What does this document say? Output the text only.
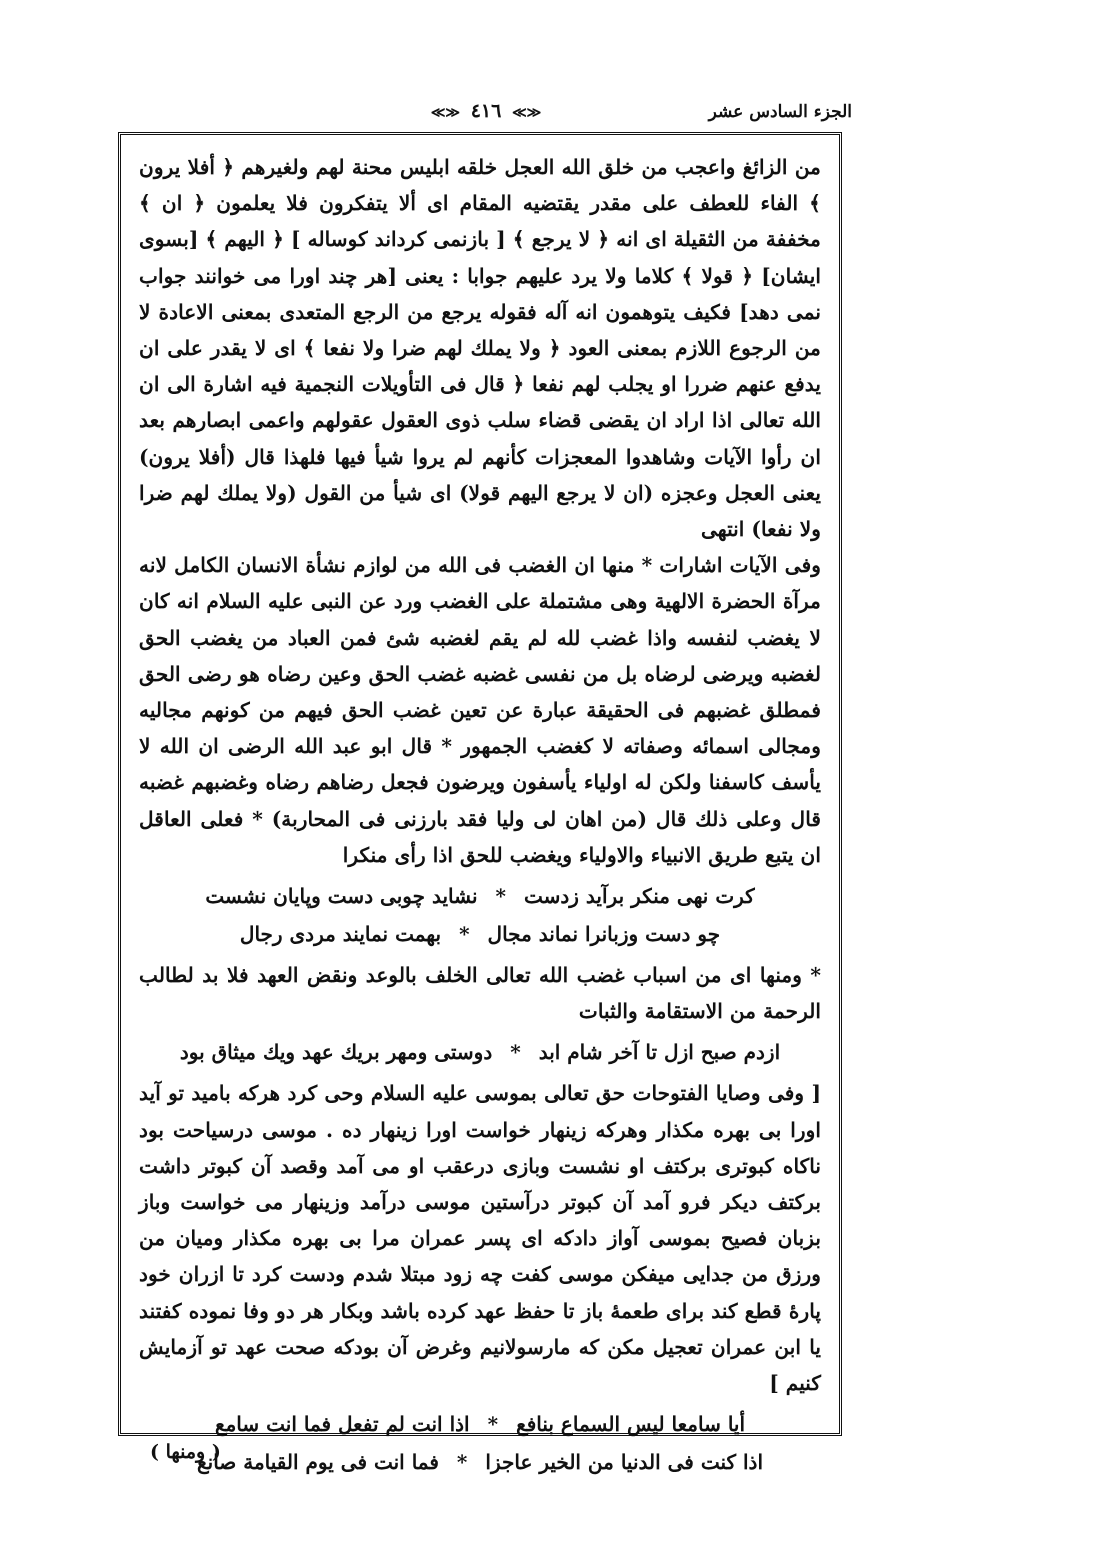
الجزء السادس عشر
≪≫ ٤١٦ ≪≫

من الزائغ واعجب من خلق الله العجل خلقه ابليس محنة لهم ولغيرهم ﴿ أفلا يرون ﴾ الفاء للعطف على مقدر يقتضيه المقام اى ألا يتفكرون فلا يعلمون ﴿ ان ﴾ مخففة من الثقيلة اى انه ﴿ لا يرجع ﴾ [ بازنمى كرداند كوساله ] ﴿ اليهم ﴾ [بسوى ايشان] ﴿ قولا ﴾ كلاما ولا يرد عليهم جوابا : يعنى [هر چند اورا مى خوانند جواب نمى دهد] فكيف يتوهمون انه آله فقوله يرجع من الرجع المتعدى بمعنى الاعادة لا من الرجوع اللازم بمعنى العود ﴿ ولا يملك لهم ضرا ولا نفعا ﴾ اى لا يقدر على ان يدفع عنهم ضررا او يجلب لهم نفعا ﴿ قال فى التأويلات النجمية فيه اشارة الى ان الله تعالى اذا اراد ان يقضى قضاء سلب ذوى العقول عقولهم واعمى ابصارهم بعد ان رأوا الآيات وشاهدوا المعجزات كأنهم لم يروا شيأ فيها فلهذا قال (أفلا يرون) يعنى العجل وعجزه (ان لا يرجع اليهم قولا) اى شيأ من القول (ولا يملك لهم ضرا ولا نفعا) انتهى

وفى الآيات اشارات * منها ان الغضب فى الله من لوازم نشأة الانسان الكامل لانه مرآة الحضرة الالهية وهى مشتملة على الغضب ورد عن النبى عليه السلام انه كان لا يغضب لنفسه واذا غضب لله لم يقم لغضبه شئ فمن العباد من يغضب الحق لغضبه ويرضى لرضاه بل من نفسى غضبه غضب الحق وعين رضاه هو رضى الحق فمطلق غضبهم فى الحقيقة عبارة عن تعين غضب الحق فيهم من كونهم مجاليه ومجالى اسمائه وصفاته لا كغضب الجمهور * قال ابو عبد الله الرضى ان الله لا يأسف كاسفنا ولكن له اولياء يأسفون ويرضون فجعل رضاهم رضاه وغضبهم غضبه قال وعلى ذلك قال (من اهان لى وليا فقد بارزنى فى المحاربة) * فعلى العاقل ان يتبع طريق الانبياء والاولياء ويغضب للحق اذا رأى منكرا

كرت نهى منكر برآيد زدست
*
نشايد چوبى دست وپايان نشست
چو دست وزبانرا نماند مجال
*
بهمت نمايند مردى رجال

* ومنها اى من اسباب غضب الله تعالى الخلف بالوعد ونقض العهد فلا بد لطالب الرحمة من الاستقامة والثبات

ازدم صبح ازل تا آخر شام ابد
*
دوستى ومهر بريك عهد ويك ميثاق بود

[ وفى وصايا الفتوحات حق تعالى بموسى عليه السلام وحى كرد هركه باميد تو آيد اورا بى بهره مكذار وهركه زينهار خواست اورا زينهار ده . موسى درسياحت بود ناكاه كبوترى بركتف او نشست وبازى درعقب او مى آمد وقصد آن كبوتر داشت بركتف ديكر فرو آمد آن كبوتر درآستين موسى درآمد وزينهار مى خواست وباز بزبان فصيح بموسى آواز دادكه اى پسر عمران مرا بى بهره مكذار وميان من ورزق من جدايى ميفكن موسى كفت چه زود مبتلا شدم ودست كرد تا ازران خود پارهٔ قطع كند براى طعمهٔ باز تا حفظ عهد كرده باشد وبكار هر دو وفا نموده كفتند يا ابن عمران تعجيل مكن كه مارسولانيم وغرض آن بودكه صحت عهد تو آزمايش كنيم ]

أيا سامعا ليس السماع بنافع
*
اذا انت لم تفعل فما انت سامع
اذا كنت فى الدنيا من الخير عاجزا
*
فما انت فى يوم القيامة صانع
( ومنها )
